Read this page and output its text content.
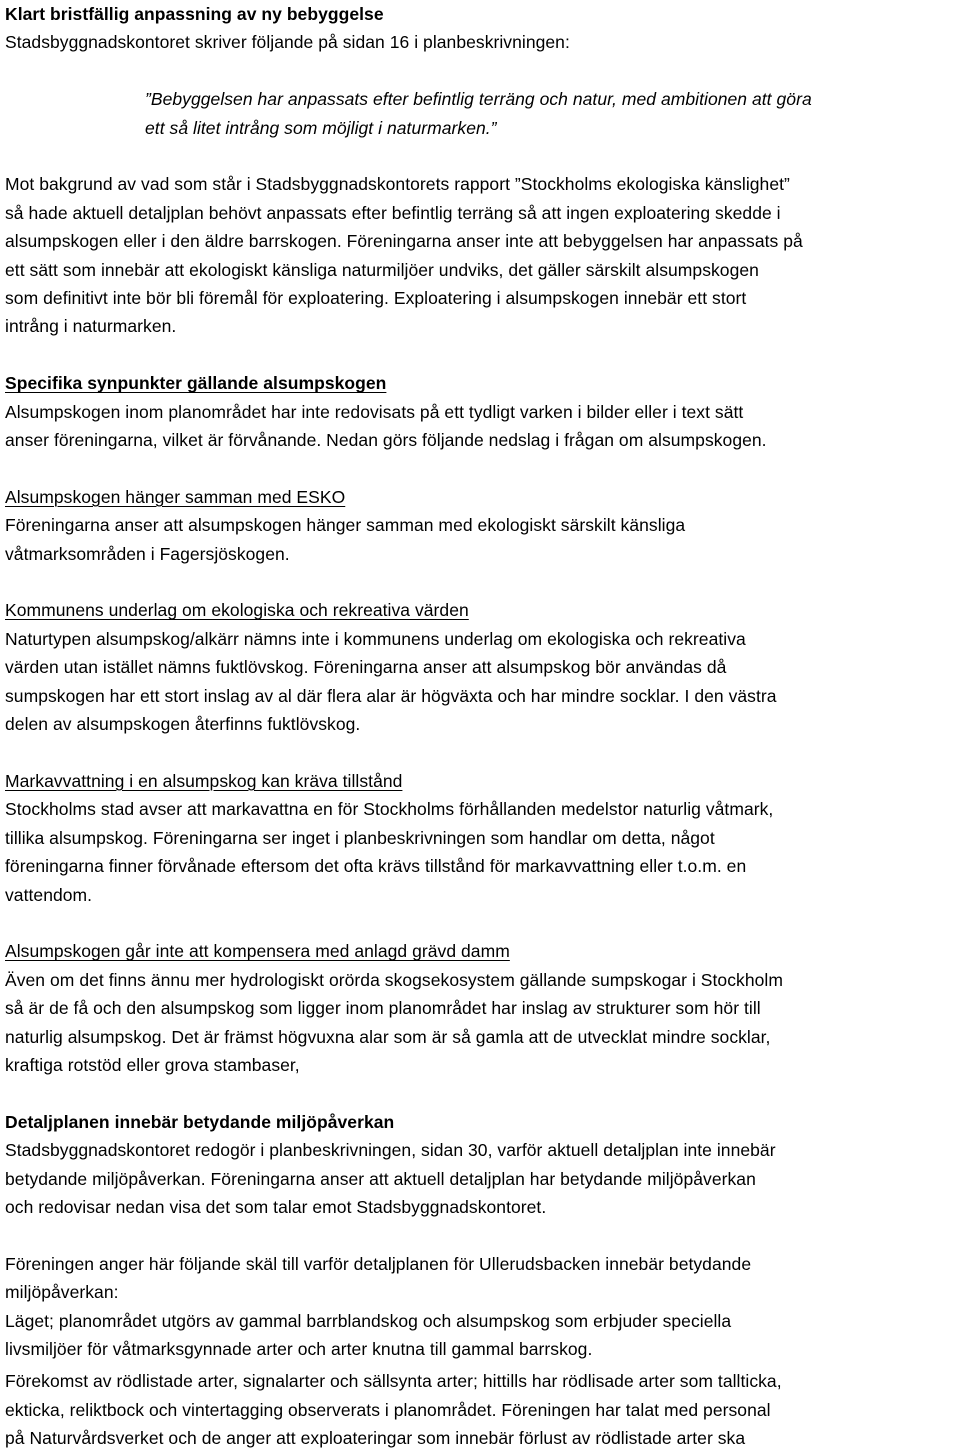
Klart bristfällig anpassning av ny bebyggelse
Stadsbyggnadskontoret skriver följande på sidan 16 i planbeskrivningen:
”Bebyggelsen har anpassats efter befintlig terräng och natur, med ambitionen att göra
ett så litet intrång som möjligt i naturmarken.”
Mot bakgrund av vad som står i Stadsbyggnadskontorets rapport ”Stockholms ekologiska känslighet”
så hade aktuell detaljplan behövt anpassats efter befintlig terräng så att ingen exploatering skedde i
alsumpskogen eller i den äldre barrskogen. Föreningarna anser inte att bebyggelsen har anpassats på
ett sätt som innebär att ekologiskt känsliga naturmiljöer undviks, det gäller särskilt alsumpskogen
som definitivt inte bör bli föremål för exploatering. Exploatering i alsumpskogen innebär ett stort
intrång i naturmarken.
Specifika synpunkter gällande alsumpskogen
Alsumpskogen inom planområdet har inte redovisats på ett tydligt varken i bilder eller i text sätt
anser föreningarna, vilket är förvånande. Nedan görs följande nedslag i frågan om alsumpskogen.
Alsumpskogen hänger samman med ESKO
Föreningarna anser att alsumpskogen hänger samman med ekologiskt särskilt känsliga
våtmarksområden i Fagersjöskogen.
Kommunens underlag om ekologiska och rekreativa värden
Naturtypen alsumpskog/alkärr nämns inte i kommunens underlag om ekologiska och rekreativa
värden utan istället nämns fuktlövskog. Föreningarna anser att alsumpskog bör användas då
sumpskogen har ett stort inslag av al där flera alar är högväxta och har mindre socklar. I den västra
delen av alsumpskogen återfinns fuktlövskog.
Markavvattning i en alsumpskog kan kräva tillstånd
Stockholms stad avser att markavattna en för Stockholms förhållanden medelstor naturlig våtmark,
tillika alsumpskog. Föreningarna ser inget i planbeskrivningen som handlar om detta, något
föreningarna finner förvånade eftersom det ofta krävs tillstånd för markavvattning eller t.o.m. en
vattendom.
Alsumpskogen går inte att kompensera med anlagd grävd damm
Även om det finns ännu mer hydrologiskt orörda skogsekosystem gällande sumpskogar i Stockholm
så är de få och den alsumpskog som ligger inom planområdet har inslag av strukturer som hör till
naturlig alsumpskog. Det är främst högvuxna alar som är så gamla att de utvecklat mindre socklar,
kraftiga rotstöd eller grova stambaser,
Detaljplanen innebär betydande miljöpåverkan
Stadsbyggnadskontoret redogör i planbeskrivningen, sidan 30, varför aktuell detaljplan inte innebär
betydande miljöpåverkan. Föreningarna anser att aktuell detaljplan har betydande miljöpåverkan
och redovisar nedan visa det som talar emot Stadsbyggnadskontoret.
Föreningen anger här följande skäl till varför detaljplanen för Ullerudsbacken innebär betydande
miljöpåverkan:
Läget; planområdet utgörs av gammal barrblandskog och alsumpskog som erbjuder speciella
livsmiljöer för våtmarksgynnade arter och arter knutna till gammal barrskog.
Förekomst av rödlistade arter, signalarter och sällsynta arter; hittills har rödlisade arter som tallticka,
ekticka, reliktbock och vintertagging observerats i planområdet. Föreningen har talat med personal
på Naturvårdsverket och de anger att exploateringar som innebär förlust av rödlistade arter ska
